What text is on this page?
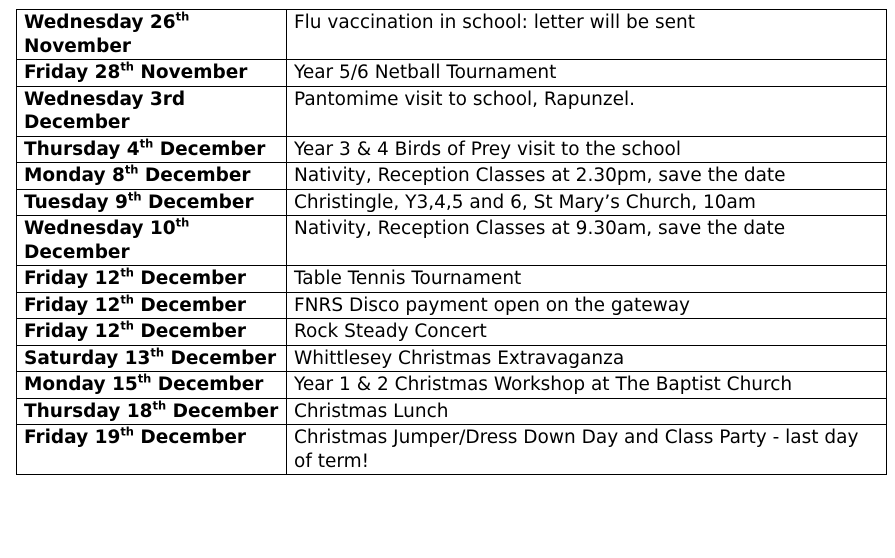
Wednesday 26th November	Flu vaccination in school: letter will be sent
Friday 28th November	Year 5/6 Netball Tournament
Wednesday 3rd December	Pantomime visit to school, Rapunzel.
Thursday 4th December	Year 3 & 4 Birds of Prey visit to the school
Monday 8th December	Nativity, Reception Classes at 2.30pm, save the date
Tuesday 9th December	Christingle, Y3,4,5 and 6, St Mary’s Church, 10am
Wednesday 10th December	Nativity, Reception Classes at 9.30am, save the date
Friday 12th December	Table Tennis Tournament
Friday 12th December	FNRS Disco payment open on the gateway
Friday 12th December	Rock Steady Concert
Saturday 13th December	Whittlesey Christmas Extravaganza
Monday 15th December	Year 1 & 2 Christmas Workshop at The Baptist Church
Thursday 18th December	Christmas Lunch
Friday 19th December	Christmas Jumper/Dress Down Day and Class Party - last day of term!
